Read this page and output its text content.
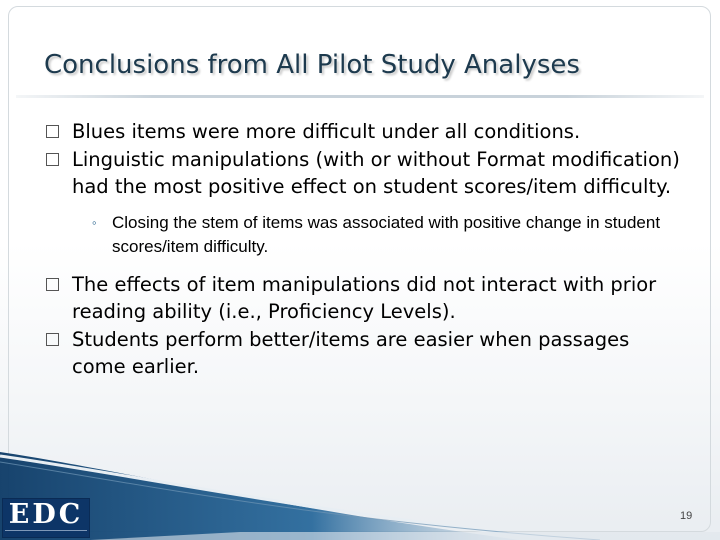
Conclusions from All Pilot Study Analyses
Blues items were more difficult under all conditions.
Linguistic manipulations (with or without Format modification) had the most positive effect on student scores/item difficulty.
◦ Closing the stem of items was associated with positive change in student scores/item difficulty.
The effects of item manipulations did not interact with prior reading ability (i.e., Proficiency Levels).
Students perform better/items are easier when passages come earlier.
EDC	19
